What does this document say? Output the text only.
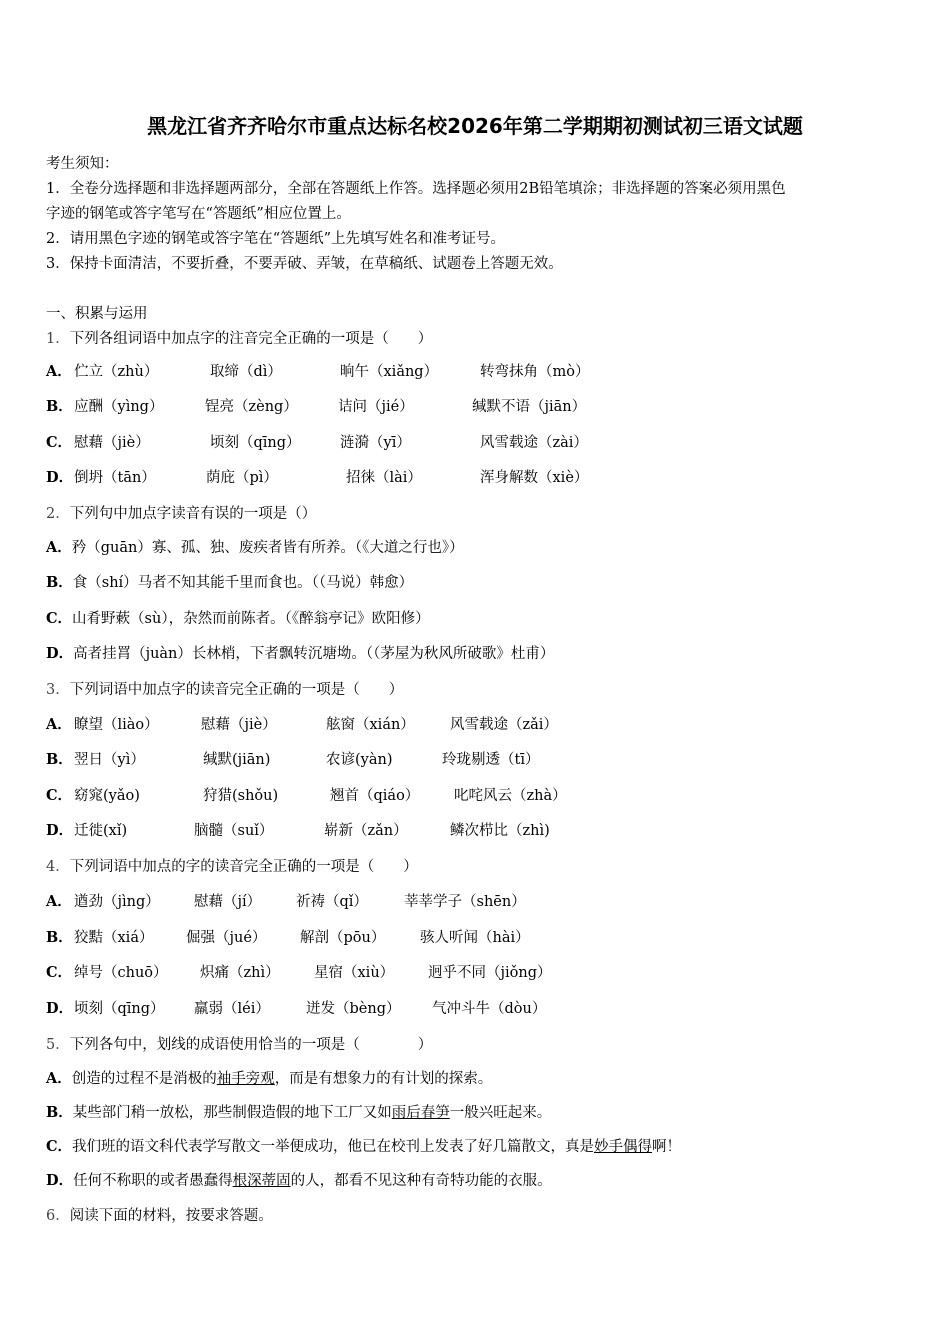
黑龙江省齐齐哈尔市重点达标名校2026年第二学期期初测试初三语文试题
考生须知：
1．全卷分选择题和非选择题两部分，全部在答题纸上作答。选择题必须用2B铅笔填涂；非选择题的答案必须用黑色
字迹的钢笔或答字笔写在“答题纸”相应位置上。
2．请用黑色字迹的钢笔或答字笔在“答题纸”上先填写姓名和准考证号。
3．保持卡面清洁，不要折叠，不要弄破、弄皱，在草稿纸、试题卷上答题无效。
一、积累与运用
1．下列各组词语中加点字的注音完全正确的一项是（　　）
A． 伫立（zhù）	取缔（dì）	晌午（xiǎng）	转弯抹角（mò）
B． 应酬（yìng）	锃亮（zèng）	诘问（jié）	缄默不语（jiān）
C． 慰藉（jiè）	顷刻（qīng）	涟漪（yī）	风雪载途（zài）
D． 倒坍（tān）	荫庇（pì）	招徕（lài）	浑身解数（xiè）
2．下列句中加点字读音有误的一项是（）
A．矜（guān）寡、孤、独、废疾者皆有所养。（《大道之行也》）
B．食（shí）马者不知其能千里而食也。（（马说）韩愈）
C．山肴野蔌（sù），杂然而前陈者。（《醉翁亭记》欧阳修）
D．高者挂罥（juàn）长林梢，下者飘转沉塘坳。（（茅屋为秋风所破歌》杜甫）
3．下列词语中加点字的读音完全正确的一项是（　　）
A． 瞭望（liào）	慰藉（jiè）	舷窗（xián） 风雪载途（zǎi）
B． 翌日（yì）	缄默(jiān)	农谚(yàn)	玲珑剔透（tī）
C． 窈窕(yǎo)	狩猎(shǒu)	翘首（qiáo） 叱咤风云（zhà）
D． 迁徙(xǐ)	脑髓（suǐ）	崭新（zǎn）	鳞次栉比（zhì)
4．下列词语中加点的字的读音完全正确的一项是（　　）
A． 遒劲（jìng） 慰藉（jí） 祈祷（qǐ） 莘莘学子（shēn）
B． 狡黠（xiá） 倔强（jué） 解剖（pōu） 骇人听闻（hài）
C． 绰号（chuō） 炽痛（zhì） 星宿（xiù） 迥乎不同（jiǒng）
D． 顷刻（qīng） 羸弱（léi） 迸发（bèng） 气冲斗牛（dòu）
5．下列各句中，划线的成语使用恰当的一项是（　　　　）
A．创造的过程不是消极的袖手旁观，而是有想象力的有计划的探索。
B．某些部门稍一放松，那些制假造假的地下工厂又如雨后春笋一般兴旺起来。
C．我们班的语文科代表学写散文一举便成功，他已在校刊上发表了好几篇散文，真是妙手偶得啊！
D．任何不称职的或者愚蠢得根深蒂固的人，都看不见这种有奇特功能的衣服。
6．阅读下面的材料，按要求答题。
